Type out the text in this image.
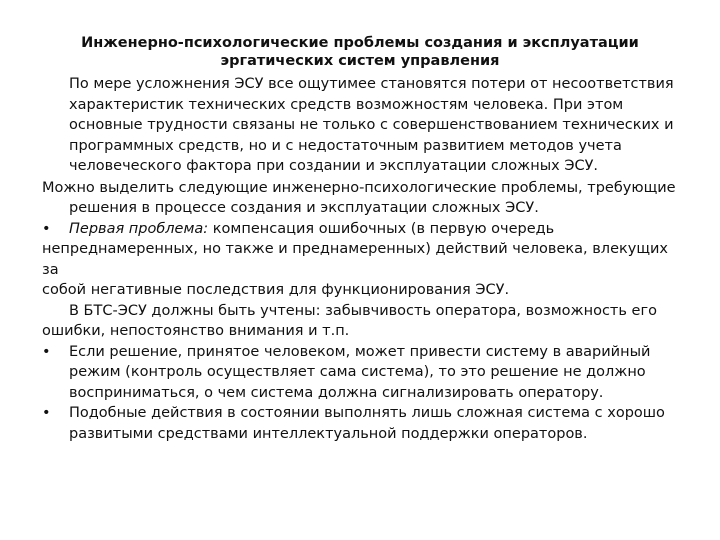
Инженерно-психологические проблемы создания и эксплуатации
эргатических систем управления

По мере усложнения ЭСУ все ощутимее становятся потери от несоответствия характеристик технических средств возможностям человека. При этом основные трудности связаны не только с совершенствованием технических и программных средств, но и с недостаточным развитием методов учета человеческого фактора при создании и эксплуатации сложных ЭСУ.

Можно выделить следующие инженерно-психологические проблемы, требующие решения в процессе создания и эксплуатации сложных ЭСУ.

• Первая проблема: компенсация ошибочных (в первую очередь

непреднамеренных, но также и преднамеренных) действий человека, влекущих за

собой негативные последствия для функционирования ЭСУ.

В БТС-ЭСУ должны быть учтены: забывчивость оператора, возможность его

ошибки, непостоянство внимания и т.п.

• Если решение, принятое человеком, может привести систему в аварийный режим (контроль осуществляет сама система), то это решение не должно восприниматься, о чем система должна сигнализировать оператору.
• Подобные действия в состоянии выполнять лишь сложная система с хорошо развитыми средствами интеллектуальной поддержки операторов.
